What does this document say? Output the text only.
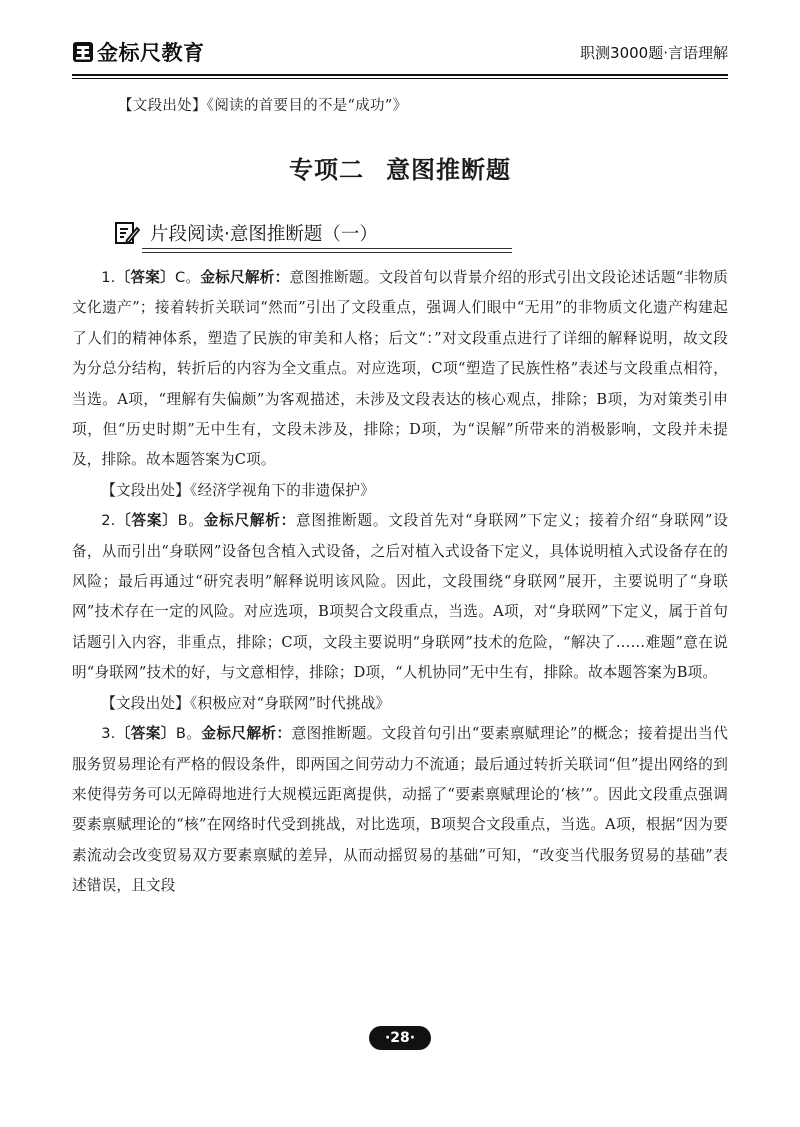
金标尺教育	职测3000题·言语理解
【文段出处】《阅读的首要目的不是“成功”》
专项二 意图推断题
片段阅读·意图推断题（一）

1.〔答案〕C。金标尺解析：意图推断题。文段首句以背景介绍的形式引出文段论述话题“非物质文化遗产”；接着转折关联词“然而”引出了文段重点，强调人们眼中“无用”的非物质文化遗产构建起了人们的精神体系，塑造了民族的审美和人格；后文“：”对文段重点进行了详细的解释说明，故文段为分总分结构，转折后的内容为全文重点。对应选项，C项“塑造了民族性格”表述与文段重点相符，当选。A项，“理解有失偏颇”为客观描述，未涉及文段表达的核心观点，排除；B项，为对策类引申项，但“历史时期”无中生有，文段未涉及，排除；D项，为“误解”所带来的消极影响，文段并未提及，排除。故本题答案为C项。

【文段出处】《经济学视角下的非遗保护》

2.〔答案〕B。金标尺解析：意图推断题。文段首先对“身联网”下定义；接着介绍“身联网”设备，从而引出“身联网”设备包含植入式设备，之后对植入式设备下定义，具体说明植入式设备存在的风险；最后再通过“研究表明”解释说明该风险。因此，文段围绕“身联网”展开，主要说明了“身联网”技术存在一定的风险。对应选项，B项契合文段重点，当选。A项，对“身联网”下定义，属于首句话题引入内容，非重点，排除；C项，文段主要说明“身联网”技术的危险，“解决了……难题”意在说明“身联网”技术的好，与文意相悖，排除；D项，“人机协同”无中生有，排除。故本题答案为B项。

【文段出处】《积极应对“身联网”时代挑战》

3.〔答案〕B。金标尺解析：意图推断题。文段首句引出“要素禀赋理论”的概念；接着提出当代服务贸易理论有严格的假设条件，即两国之间劳动力不流通；最后通过转折关联词“但”提出网络的到来使得劳务可以无障碍地进行大规模远距离提供，动摇了“要素禀赋理论的‘核’”。因此文段重点强调要素禀赋理论的“核”在网络时代受到挑战，对比选项，B项契合文段重点，当选。A项，根据“因为要素流动会改变贸易双方要素禀赋的差异，从而动摇贸易的基础”可知，“改变当代服务贸易的基础”表述错误，且文段

·28·
